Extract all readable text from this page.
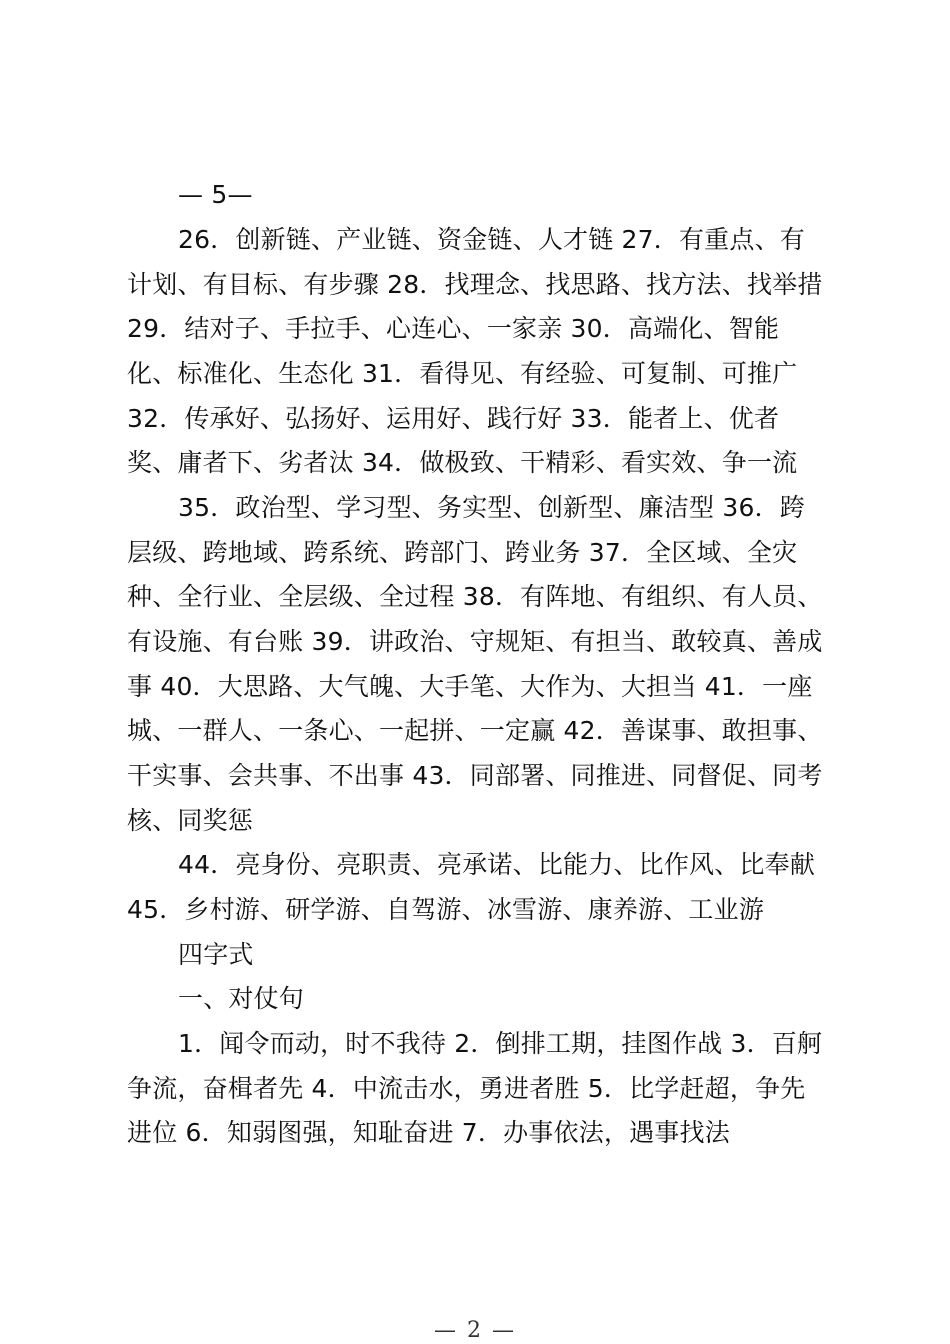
— 5—
26．创新链、产业链、资金链、人才链 27．有重点、有
计划、有目标、有步骤 28．找理念、找思路、找方法、找举措
29．结对子、手拉手、心连心、一家亲 30．高端化、智能
化、标准化、生态化 31．看得见、有经验、可复制、可推广
32．传承好、弘扬好、运用好、践行好 33．能者上、优者
奖、庸者下、劣者汰 34．做极致、干精彩、看实效、争一流
35．政治型、学习型、务实型、创新型、廉洁型 36．跨
层级、跨地域、跨系统、跨部门、跨业务 37．全区域、全灾
种、全行业、全层级、全过程 38．有阵地、有组织、有人员、
有设施、有台账 39．讲政治、守规矩、有担当、敢较真、善成
事 40．大思路、大气魄、大手笔、大作为、大担当 41．一座
城、一群人、一条心、一起拼、一定赢 42．善谋事、敢担事、
干实事、会共事、不出事 43．同部署、同推进、同督促、同考
核、同奖惩
44．亮身份、亮职责、亮承诺、比能力、比作风、比奉献
45．乡村游、研学游、自驾游、冰雪游、康养游、工业游
四字式
一、对仗句
1．闻令而动，时不我待 2．倒排工期，挂图作战 3．百舸
争流，奋楫者先 4．中流击水，勇进者胜 5．比学赶超，争先
进位 6．知弱图强，知耻奋进 7．办事依法，遇事找法
— 2 —
